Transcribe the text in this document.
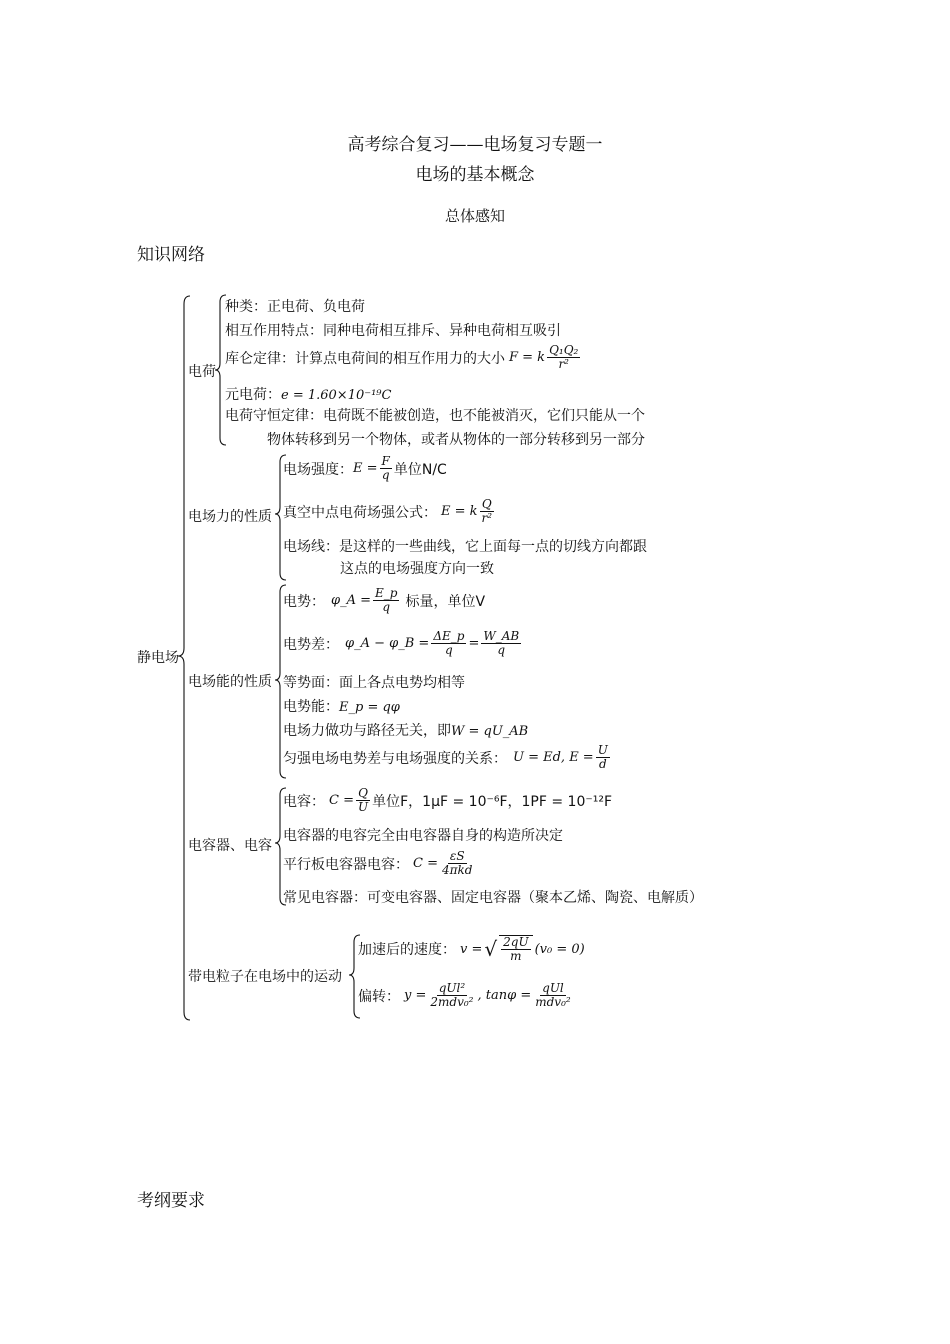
高考综合复习——电场复习专题一
电场的基本概念
总体感知
知识网络
静电场
电荷
种类：正电荷、负电荷
相互作用特点：同种电荷相互排斥、异种电荷相互吸引
库仑定律：计算点电荷间的相互作用力的大小 F = k $\frac{\text{Q₁Q₂}}{\text{r²}}$
元电荷：e = 1.60×10⁻¹⁹C
电荷守恒定律：电荷既不能被创造，也不能被消灭，它们只能从一个
物体转移到另一个物体，或者从物体的一部分转移到另一部分
电场力的性质
电场强度： $E = \frac{F}{q}$ 单位N/C
真空中点电荷场强公式： E = k $\frac{Q}{\text{r²}}$
电场线：是这样的一些曲线，它上面每一点的切线方向都跟
这点的电场强度方向一致
电场能的性质
电势： φ_A = $\frac{E\_p}{q}$ 标量，单位V
电势差： φ_A − φ_B = $\frac{\Delta E\_p}{q} = \frac{W\_AB}{q}$
等势面：面上各点电势均相等
电势能：E_p = qφ
电场力做功与路径无关，即W = qU_AB
匀强电场电势差与电场强度的关系： U = Ed, $E = \frac{U}{d}$
电容器、电容
电容： $C = \frac{Q}{U}$ 单位F，1μF = 10⁻⁶F，1PF = 10⁻¹²F
电容器的电容完全由电容器自身的构造所决定
平行板电容器电容： $C = \frac{\varepsilon S}{\text{4πkd}}$
常见电容器：可变电容器、固定电容器（聚本乙烯、陶瓷、电解质）
带电粒子在电场中的运动
加速后的速度： v = √ $\frac{2qU}{m} (v_0 = 0)$
偏转： $y = \frac{\text{qUl²}}{\text{2mdv₀²}}$ , $\tan\varphi = \frac{\text{qUl}}{\text{mdv₀²}}$
考纲要求
